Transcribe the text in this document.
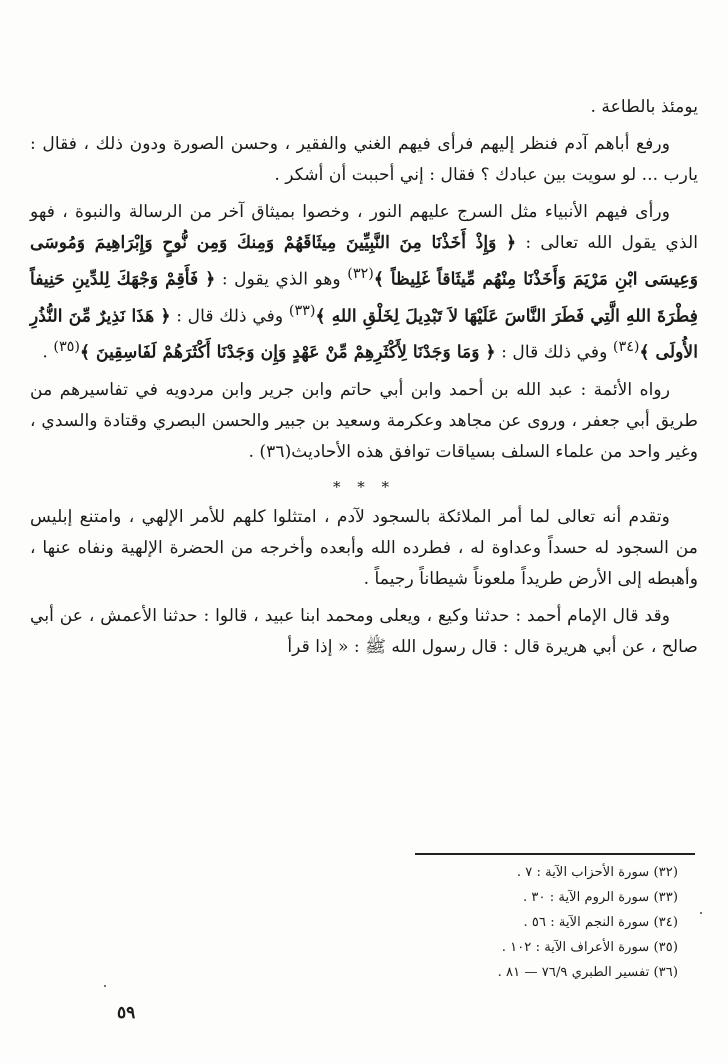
يومئذ بالطاعة .

ورفع أباهم آدم فنظر إليهم فرأى فيهم الغني والفقير ، وحسن الصورة ودون ذلك ، فقال : يارب ... لو سويت بين عبادك ؟ فقال : إني أحببت أن أشكر .

ورأى فيهم الأنبياء مثل السرج عليهم النور ، وخصوا بميثاق آخر من الرسالة والنبوة ، فهو الذي يقول الله تعالى : ﴿ وَإِذْ أَخَذْنَا مِنَ النَّبِيِّينَ مِيثَاقَهُمْ وَمِنكَ وَمِن نُّوحٍ وَإِبْرَاهِيمَ وَمُوسَى وَعِيسَى ابْنِ مَرْيَمَ وَأَخَذْنَا مِنْهُم مِّيثَاقاً غَلِيظاً ﴾$^{(٣٢)}$ وهو الذي يقول : ﴿ فَأَقِمْ وَجْهَكَ لِلدِّينِ حَنِيفاً فِطْرَةَ اللهِ الَّتِي فَطَرَ النَّاسَ عَلَيْهَا لاَ تَبْدِيلَ لِخَلْقِ اللهِ ﴾$^{(٣٣)}$ وفي ذلك قال : ﴿ هَذَا نَذِيرٌ مِّنَ النُّذُرِ الأُولَى ﴾$^{(٣٤)}$ وفي ذلك قال : ﴿ وَمَا وَجَدْنَا لِأَكْثَرِهِمْ مِّنْ عَهْدٍ وَإِن وَجَدْنَا أَكْثَرَهُمْ لَفَاسِقِينَ ﴾$^{(٣٥)}$ .

رواه الأئمة : عبد الله بن أحمد وابن أبي حاتم وابن جرير وابن مردويه في تفاسيرهم من طريق أبي جعفر ، وروى عن مجاهد وعكرمة وسعيد بن جبير والحسن البصري وقتادة والسدي ، وغير واحد من علماء السلف بسياقات توافق هذه الأحاديث(٣٦) .

* * *

وتقدم أنه تعالى لما أمر الملائكة بالسجود لآدم ، امتثلوا كلهم للأمر الإلهي ، وامتنع إبليس من السجود له حسداً وعداوة له ، فطرده الله وأبعده وأخرجه من الحضرة الإلهية ونفاه عنها ، وأهبطه إلى الأرض طريداً ملعوناً شيطاناً رجيماً .

وقد قال الإمام أحمد : حدثنا وكيع ، ويعلى ومحمد ابنا عبيد ، قالوا : حدثنا الأعمش ، عن أبي صالح ، عن أبي هريرة قال : قال رسول الله ﷺ : « إذا قرأ

(٣٢) سورة الأحزاب الآية : ٧ .
(٣٣) سورة الروم الآية : ٣٠ .
(٣٤) سورة النجم الآية : ٥٦ .
(٣٥) سورة الأعراف الآية : ١٠٢ .
(٣٦) تفسير الطبري ٧٦/٩ — ٨١ .
٥٩
